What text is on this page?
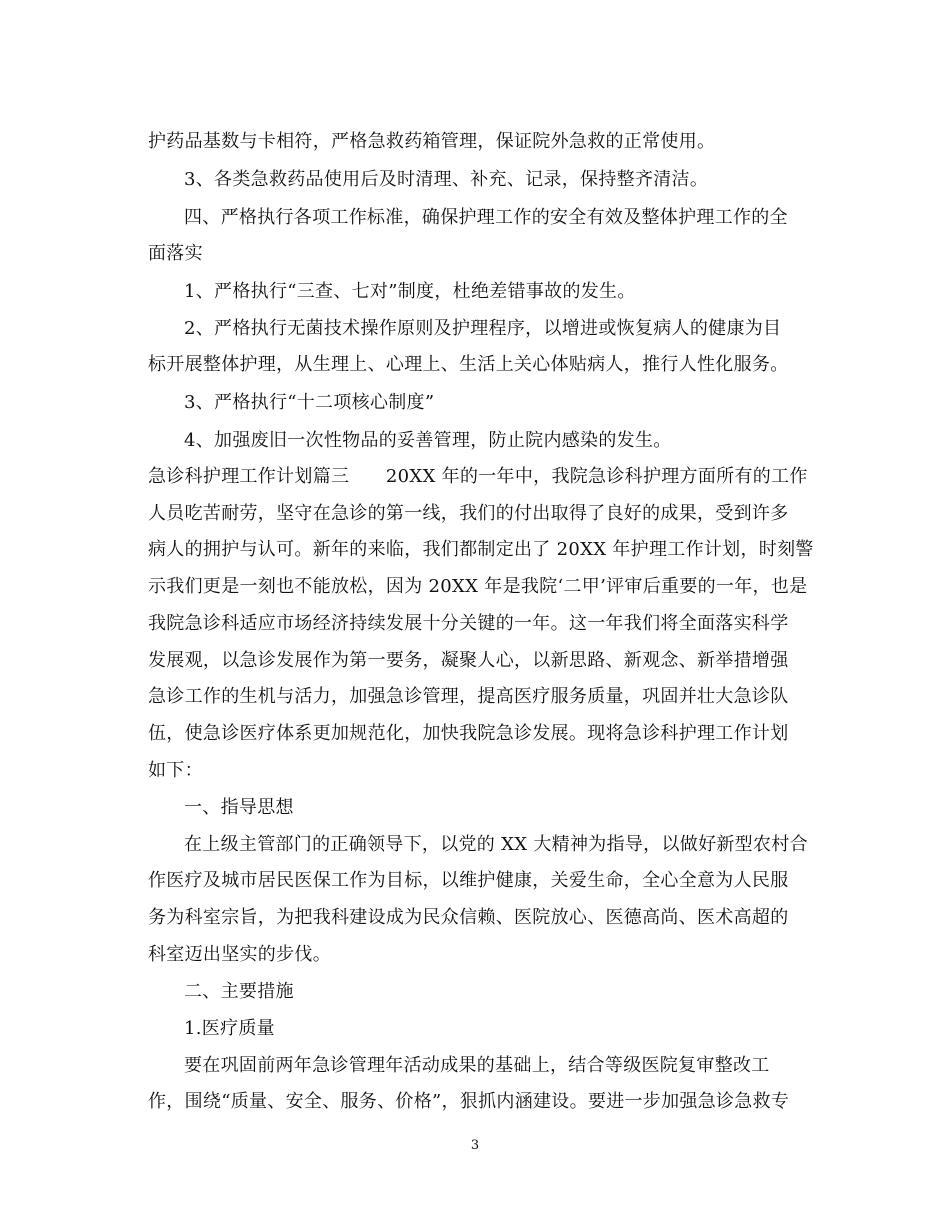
护药品基数与卡相符，严格急救药箱管理，保证院外急救的正常使用。
3、各类急救药品使用后及时清理、补充、记录，保持整齐清洁。
四、严格执行各项工作标准，确保护理工作的安全有效及整体护理工作的全
面落实
1、严格执行“三查、七对”制度，杜绝差错事故的发生。
2、严格执行无菌技术操作原则及护理程序，以增进或恢复病人的健康为目
标开展整体护理，从生理上、心理上、生活上关心体贴病人，推行人性化服务。
3、严格执行“十二项核心制度”
4、加强废旧一次性物品的妥善管理，防止院内感染的发生。
急诊科护理工作计划篇三　　20XX 年的一年中，我院急诊科护理方面所有的工作
人员吃苦耐劳，坚守在急诊的第一线，我们的付出取得了良好的成果，受到许多
病人的拥护与认可。新年的来临，我们都制定出了 20XX 年护理工作计划，时刻警
示我们更是一刻也不能放松，因为 20XX 年是我院‘二甲’评审后重要的一年，也是
我院急诊科适应市场经济持续发展十分关键的一年。这一年我们将全面落实科学
发展观，以急诊发展作为第一要务，凝聚人心，以新思路、新观念、新举措增强
急诊工作的生机与活力，加强急诊管理，提高医疗服务质量，巩固并壮大急诊队
伍，使急诊医疗体系更加规范化，加快我院急诊发展。现将急诊科护理工作计划
如下：
一、指导思想
在上级主管部门的正确领导下，以党的 XX 大精神为指导，以做好新型农村合
作医疗及城市居民医保工作为目标，以维护健康，关爱生命，全心全意为人民服
务为科室宗旨，为把我科建设成为民众信赖、医院放心、医德高尚、医术高超的
科室迈出坚实的步伐。
二、主要措施
1.医疗质量
要在巩固前两年急诊管理年活动成果的基础上，结合等级医院复审整改工
作，围绕“质量、安全、服务、价格”，狠抓内涵建设。要进一步加强急诊急救专
3
